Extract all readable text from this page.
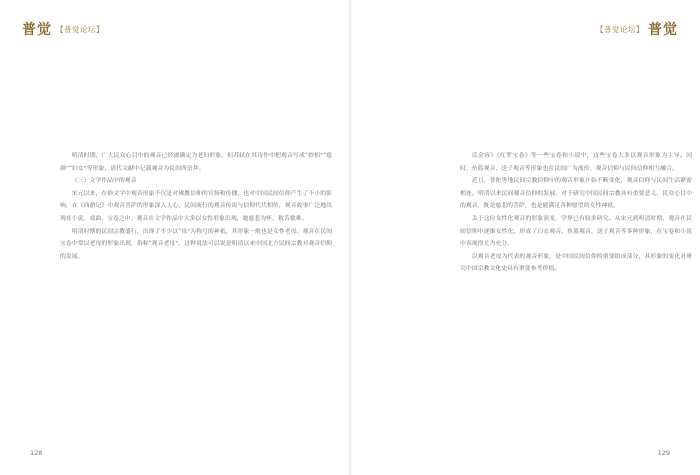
普觉 【普觉论坛】

明清时期，广大民众心目中的观音已经被确定为老妇形象。但苏轼在其诗作中把观音写成“妙相”“慈颜”“妇女”等形象，清代文献中记载观音为民间所崇拜。

（三）文学作品中的观音

宋元以来，在俗文学中观音形象不仅是对佛教信仰的宣扬和传播，也对中国民间信仰产生了不小的影响。在《西游记》中观音菩萨的形象深入人心，民间流行的观音传说与信仰代代相传，观音故事广泛地出现在小说、戏曲、宝卷之中。观音在文学作品中大多以女性形象出现，她慈悲为怀、救苦救难。

明清时期的民间宗教盛行，出现了不少以“母”为称号的神祇，其形象一般也是女性老母。观音在民间宝卷中常以老母的形象出现，俗称“观音老母”，这种说法可以说是明清以来中国北方民间宗教对观音信仰的发展。

128
【普觉论坛】 普觉

氏金容》《红罗宝卷》等一些宝卷和小说中，这些宝卷大多以观音形象为主导。同时，鱼篮观音、送子观音等形象也在民间广为流传，观音信仰与民间信仰相互融合。

近日，普陀等地民间宗教信仰中的观音形象开始不断变化，观音信仰与民间生活紧密相连。明清以来民间观音信仰的发展，对于研究中国民间宗教具有重要意义。民众心目中的观音，既是慈悲的菩萨，也是能满足各种愿望的女性神祇。

关于这位女性化观音的形象演变，学界已有较多研究。从宋元到明清时期，观音在民间信仰中逐渐女性化，形成了白衣观音、鱼篮观音、送子观音等多种形象，在宝卷和小说中表现得尤为充分。

以观音老母为代表的观音形象，是中国民间信仰的重要组成部分，其形象的变化对研究中国宗教文化史具有重要参考价值。

129
